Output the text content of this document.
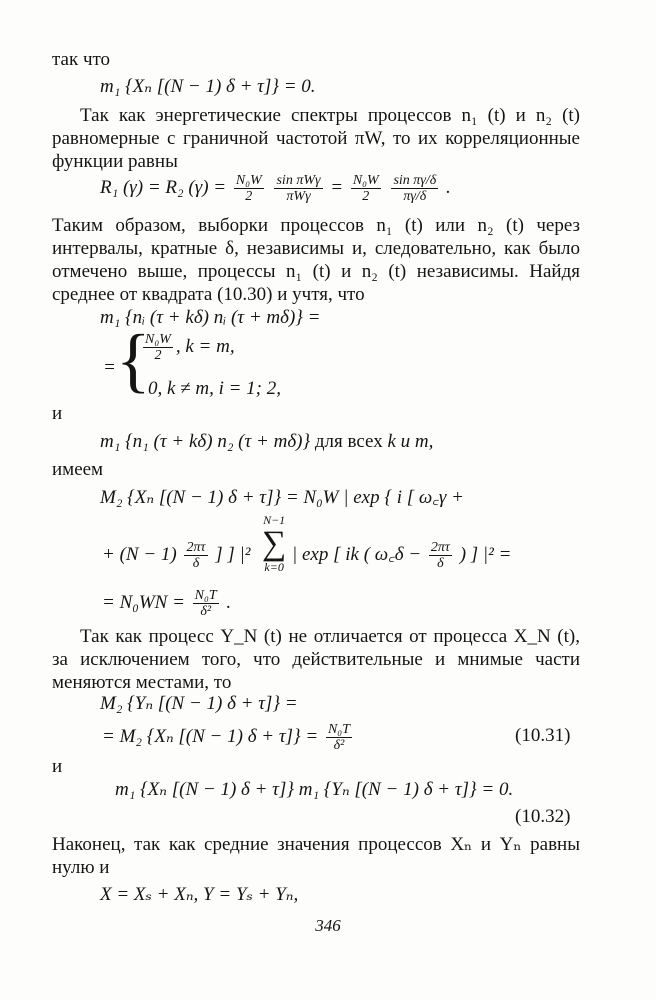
так что
m₁ {Xₙ [(N − 1) δ + τ]} = 0.
Так как энергетические спектры процессов n₁ (t) и n₂ (t) равномерные с граничной частотой πW, то их корреляционные функции равны
R₁ (γ) = R₂ $(\gamma) = \frac{\text{N₀W}}{2}$
$\frac{\text{sin πWγ}}{\text{πWγ}} = \frac{\text{N₀W}}{2}$
$\frac{\text{sin πγ/δ}}{\pi\gamma/\delta}$ .
Таким образом, выборки процессов n₁ (t) или n₂ (t) через интервалы, кратные δ, независимы и, следовательно, как было отмечено выше, процессы n₁ (t) и n₂ (t) независимы. Найдя среднее от квадрата (10.30) и учтя, что
m₁ {nᵢ (τ + kδ) nᵢ (τ + mδ)} =
= {
$\frac{\text{N₀W}}{2}$ , k = m,
0, k ≠ m, i = 1; 2,
и
m₁ {n₁ (τ + kδ) n₂ (τ + mδ)} для всех k и m,
имеем
M₂ {Xₙ [(N − 1) δ + τ]} = N₀W | exp { i [ ω꜀γ +
+ $(N - 1) \frac{2\pi\tau}{\delta}$ ] ] |²
N−1
∑
k=0
| exp [ ik ( ω꜀δ − $\frac{2\pi\tau}{\delta}$ ) ] |² =
= $N_0WN = \frac{\text{N₀T}}{\text{δ²}}$ .
Так как процесс Y_N (t) не отличается от процесса X_N (t), за исключением того, что действительные и мнимые части меняются местами, то
M₂ {Yₙ [(N − 1) δ + τ]} =
= M₂ {Xₙ [(N − 1) $\delta + \tau]\} = \frac{\text{N₀T}}{\text{δ²}}$	(10.31)
и
m₁ {Xₙ [(N − 1) δ + τ]} m₁ {Yₙ [(N − 1) δ + τ]} = 0.
(10.32)
Наконец, так как средние значения процессов Xₙ и Yₙ равны нулю и
X = Xₛ + Xₙ, Y = Yₛ + Yₙ,
346
